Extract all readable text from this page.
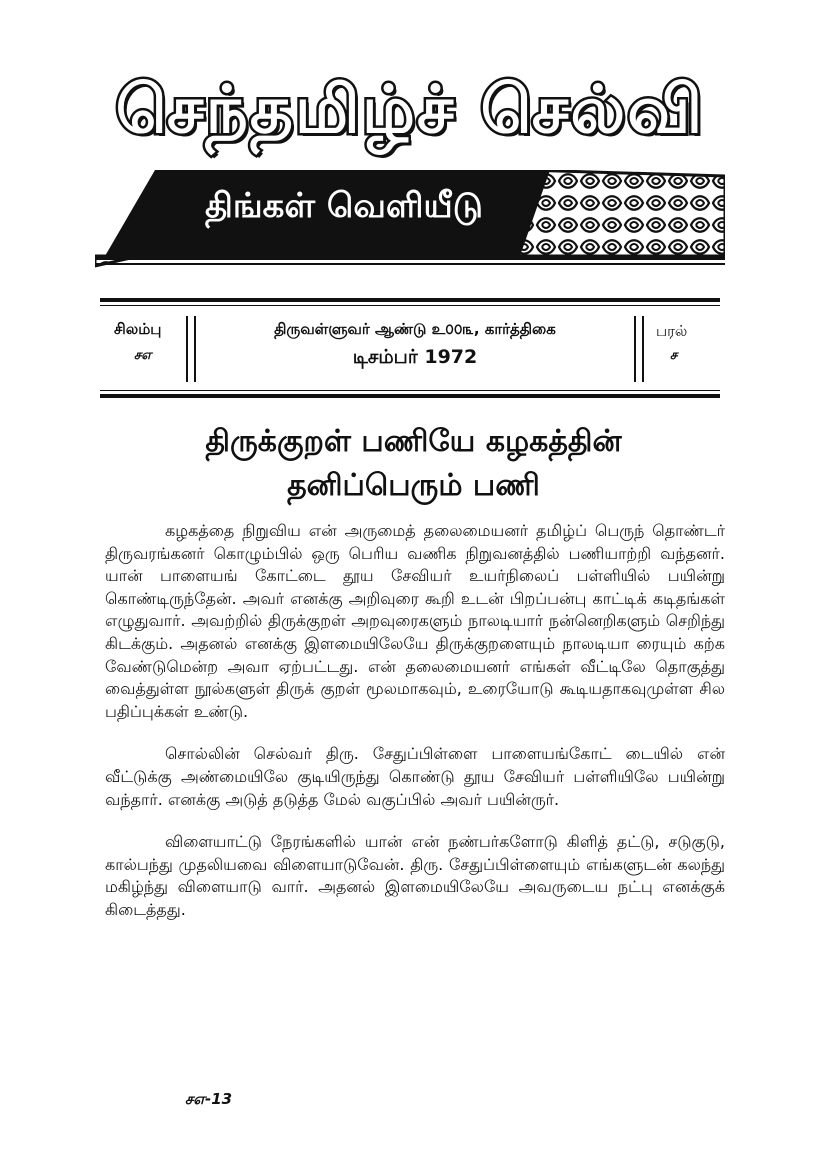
செந்தமிழ்ச் செல்வி
திங்கள் வெளியீடு
சிலம்பு
சஎ
திருவள்ளுவர் ஆண்டு உ௦௦௩, கார்த்திகை
டிசம்பர் 1972
பரல்
ச
திருக்குறள் பணியே கழகத்தின்
தனிப்பெரும் பணி

கழகத்தை நிறுவிய என் அருமைத் தலைமையனர் தமிழ்ப் பெருந் தொண்டர் திருவரங்கனர் கொழும்பில் ஒரு பெரிய வணிக நிறுவனத்தில் பணியாற்றி வந்தனர். யான் பாளையங் கோட்டை தூய சேவியர் உயர்நிலைப் பள்ளியில் பயின்று கொண்டிருந்தேன். அவர் எனக்கு அறிவுரை கூறி உடன் பிறப்பன்பு காட்டிக் கடிதங்கள் எழுதுவார். அவற்றில் திருக்குறள் அறவுரைகளும் நாலடியார் நன்னெறிகளும் செறிந்து கிடக்கும். அதனல் எனக்கு இளமையிலேயே திருக்குறளையும் நாலடியா ரையும் கற்க வேண்டுமென்ற அவா ஏற்பட்டது. என் தலைமையனர் எங்கள் வீட்டிலே தொகுத்து வைத்துள்ள நூல்களுள் திருக் குறள் மூலமாகவும், உரையோடு கூடியதாகவுமுள்ள சில பதிப்புக்கள் உண்டு.

சொல்லின் செல்வர் திரு. சேதுப்பிள்ளை பாளையங்கோட் டையில் என் வீட்டுக்கு அண்மையிலே குடியிருந்து கொண்டு தூய சேவியர் பள்ளியிலே பயின்று வந்தார். எனக்கு அடுத் தடுத்த மேல் வகுப்பில் அவர் பயின்ருர்.

விளையாட்டு நேரங்களில் யான் என் நண்பர்களோடு கிளித் தட்டு, சடுகுடு, கால்பந்து முதலியவை விளையாடுவேன். திரு. சேதுப்பிள்ளையும் எங்களுடன் கலந்து மகிழ்ந்து விளையாடு வார். அதனல் இளமையிலேயே அவருடைய நட்பு எனக்குக் கிடைத்தது.

சஎ-13
